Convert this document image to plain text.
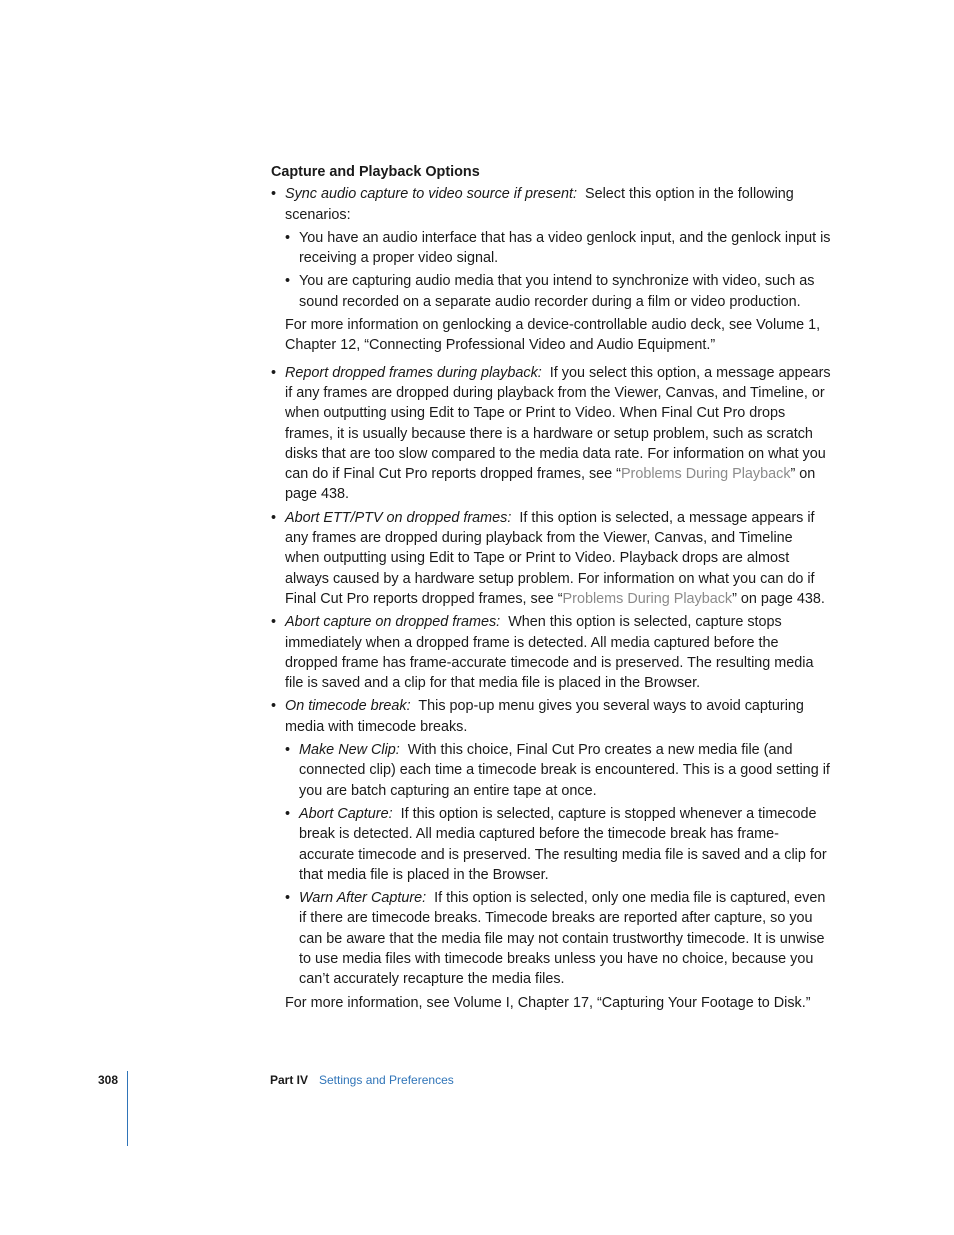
Capture and Playback Options
• Sync audio capture to video source if present: Select this option in the following scenarios:
• You have an audio interface that has a video genlock input, and the genlock input is receiving a proper video signal.
• You are capturing audio media that you intend to synchronize with video, such as sound recorded on a separate audio recorder during a film or video production.
For more information on genlocking a device-controllable audio deck, see Volume 1, Chapter 12, “Connecting Professional Video and Audio Equipment.”
• Report dropped frames during playback: If you select this option, a message appears if any frames are dropped during playback from the Viewer, Canvas, and Timeline, or when outputting using Edit to Tape or Print to Video. When Final Cut Pro drops frames, it is usually because there is a hardware or setup problem, such as scratch disks that are too slow compared to the media data rate. For information on what you can do if Final Cut Pro reports dropped frames, see “Problems During Playback” on page 438.
• Abort ETT/PTV on dropped frames: If this option is selected, a message appears if any frames are dropped during playback from the Viewer, Canvas, and Timeline when outputting using Edit to Tape or Print to Video. Playback drops are almost always caused by a hardware setup problem. For information on what you can do if Final Cut Pro reports dropped frames, see “Problems During Playback” on page 438.
• Abort capture on dropped frames: When this option is selected, capture stops immediately when a dropped frame is detected. All media captured before the dropped frame has frame-accurate timecode and is preserved. The resulting media file is saved and a clip for that media file is placed in the Browser.
• On timecode break: This pop-up menu gives you several ways to avoid capturing media with timecode breaks.
• Make New Clip: With this choice, Final Cut Pro creates a new media file (and connected clip) each time a timecode break is encountered. This is a good setting if you are batch capturing an entire tape at once.
• Abort Capture: If this option is selected, capture is stopped whenever a timecode break is detected. All media captured before the timecode break has frame-accurate timecode and is preserved. The resulting media file is saved and a clip for that media file is placed in the Browser.
• Warn After Capture: If this option is selected, only one media file is captured, even if there are timecode breaks. Timecode breaks are reported after capture, so you can be aware that the media file may not contain trustworthy timecode. It is unwise to use media files with timecode breaks unless you have no choice, because you can’t accurately recapture the media files.
For more information, see Volume I, Chapter 17, “Capturing Your Footage to Disk.”
308	Part IV Settings and Preferences
